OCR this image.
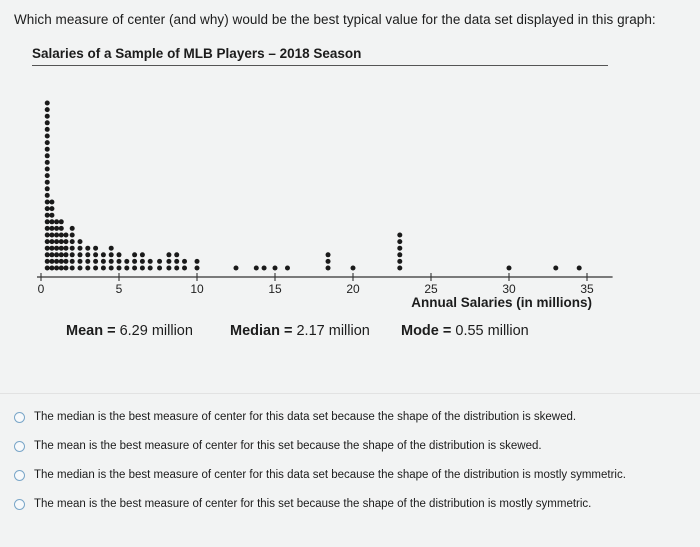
Which measure of center (and why) would be the best typical value for the data set displayed in this graph:
Salaries of a Sample of MLB Players – 2018 Season
0	5	10	15	20	25	30	35
Annual Salaries (in millions)
Mean = 6.29 million	Median = 2.17 million Mode = 0.55 million
The median is the best measure of center for this data set because the shape of the distribution is skewed.
The mean is the best measure of center for this set because the shape of the distribution is skewed.
The median is the best measure of center for this data set because the shape of the distribution is mostly symmetric.
The mean is the best measure of center for this set because the shape of the distribution is mostly symmetric.
